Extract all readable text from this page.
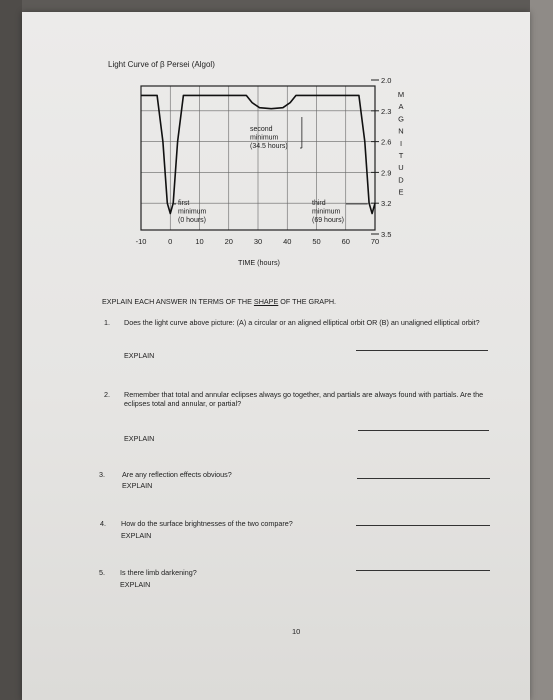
Light Curve of β Persei (Algol)
-10	0	10	20	30	40	50	60	70
2.0
2.3
2.6
2.9
3.2
3.5
M
A
G
N
I
T
U
D
E
first
minimum
(0 hours)
second
minimum
(34.5 hours)
third
minimum
(69 hours)
TIME (hours)
EXPLAIN EACH ANSWER IN TERMS OF THE SHAPE OF THE GRAPH.
1. Does the light curve above picture: (A) a circular or an aligned elliptical orbit OR (B) an unaligned elliptical orbit?
EXPLAIN
2. Remember that total and annular eclipses always go together, and partials are always found with partials. Are the eclipses total and annular, or partial?
EXPLAIN
3. Are any reflection effects obvious?
EXPLAIN
4. How do the surface brightnesses of the two compare?
EXPLAIN
5. Is there limb darkening?
EXPLAIN
10
